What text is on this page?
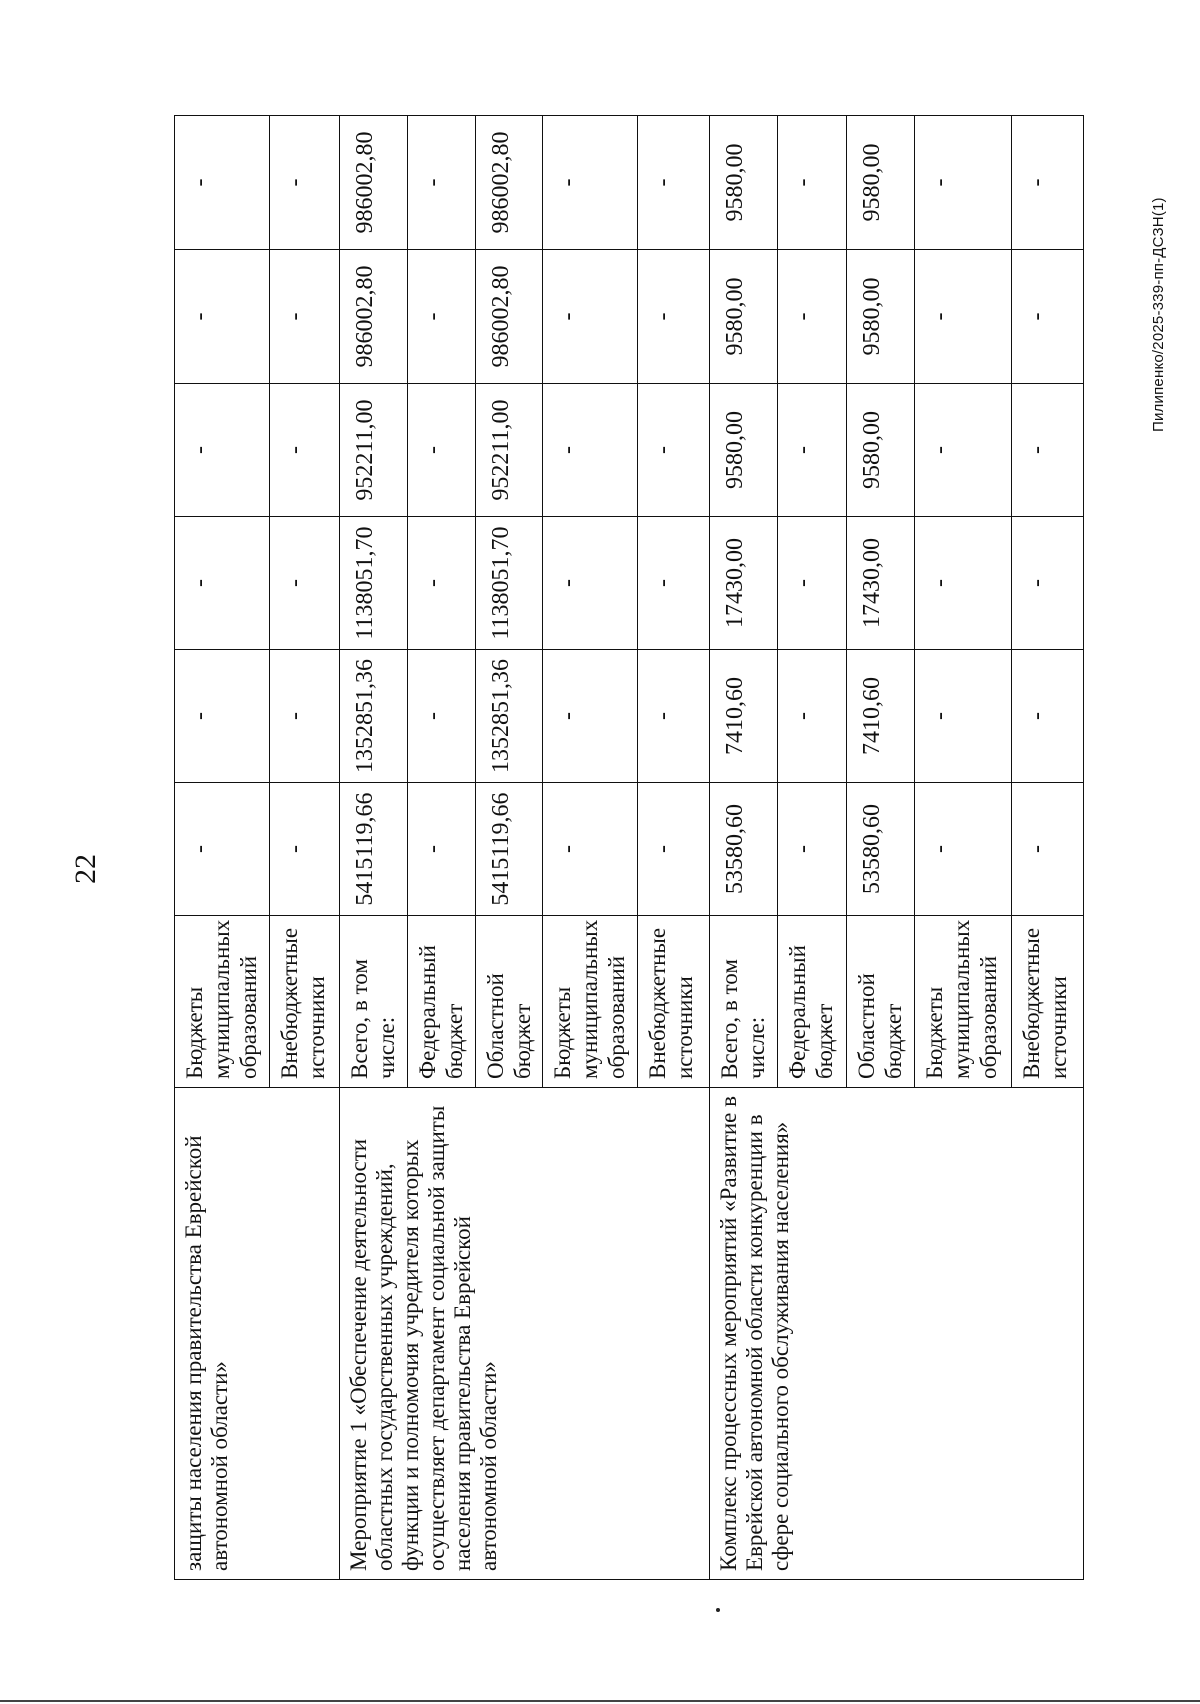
22
защиты населения правительства Еврейской автономной области»	Бюджеты муниципальных образований	-	-	-	-	-	-
	Внебюджетные источники	-	-	-	-	-	-
Мероприятие 1 «Обеспечение деятельности областных государственных учреждений, функции и полномочия учредителя которых осуществляет департамент социальной защиты населения правительства Еврейской автономной области»	Всего, в том числе:	5415119,66	1352851,36	1138051,70	952211,00	986002,80	986002,80
	Федеральный бюджет	-	-	-	-	-	-
	Областной бюджет	5415119,66	1352851,36	1138051,70	952211,00	986002,80	986002,80
	Бюджеты муниципальных образований	-	-	-	-	-	-
	Внебюджетные источники	-	-	-	-	-	-
Комплекс процессных мероприятий «Развитие в Еврейской автономной области конкуренции в сфере социального обслуживания населения»	Всего, в том числе:	53580,60	7410,60	17430,00	9580,00	9580,00	9580,00
	Федеральный бюджет	-	-	-	-	-	-
	Областной бюджет	53580,60	7410,60	17430,00	9580,00	9580,00	9580,00
	Бюджеты муниципальных образований	-	-	-	-	-	-
	Внебюджетные источники	-	-	-	-	-	-
Пилипенко/2025-339-пп-ДСЗН(1)
